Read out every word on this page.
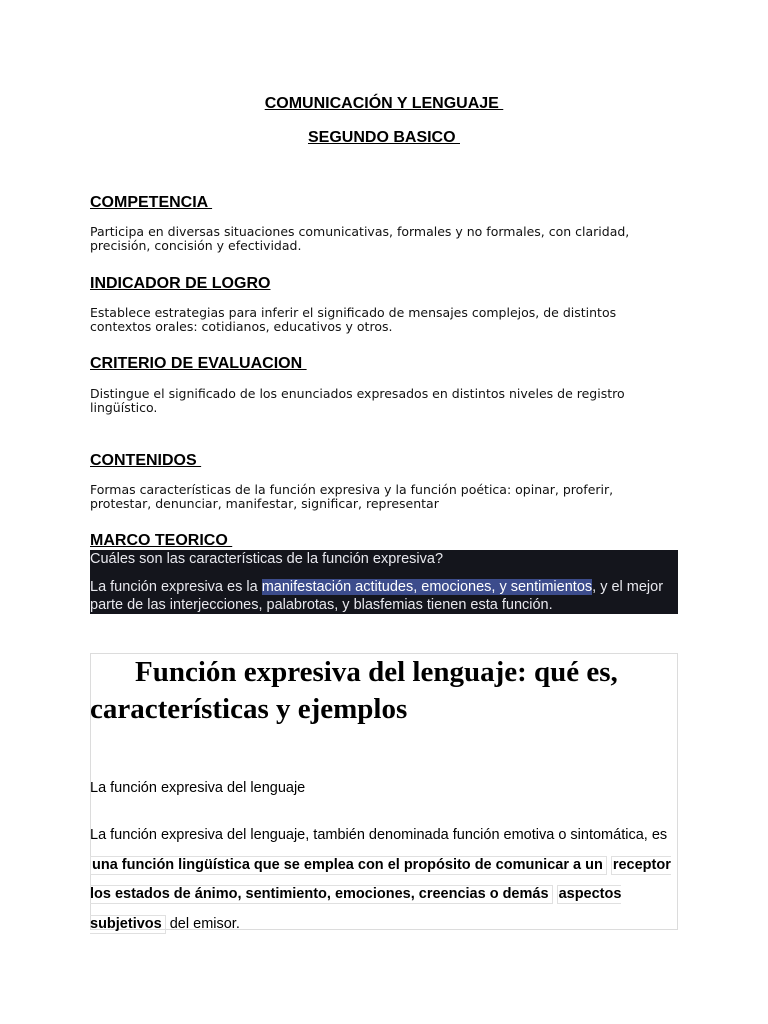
COMUNICACIÓN Y LENGUAJE
SEGUNDO BASICO
COMPETENCIA
Participa en diversas situaciones comunicativas, formales y no formales, con claridad, precisión, concisión y efectividad.
INDICADOR DE LOGRO
Establece estrategias para inferir el significado de mensajes complejos, de distintos contextos orales: cotidianos, educativos y otros.
CRITERIO DE EVALUACION
Distingue el significado de los enunciados expresados en distintos niveles de registro lingüístico.
CONTENIDOS
Formas características de la función expresiva y la función poética: opinar, proferir, protestar, denunciar, manifestar, significar, representar
MARCO TEORICO
Cuáles son las características de la función expresiva?
La función expresiva es la manifestación actitudes, emociones, y sentimientos, y el mejor parte de las interjecciones, palabrotas, y blasfemias tienen esta función.
Función expresiva del lenguaje: qué es, características y ejemplos
La función expresiva del lenguaje
La función expresiva del lenguaje, también denominada función emotiva o sintomática, es una función lingüística que se emplea con el propósito de comunicar a un receptor los estados de ánimo, sentimiento, emociones, creencias o demás aspectos subjetivos del emisor.
